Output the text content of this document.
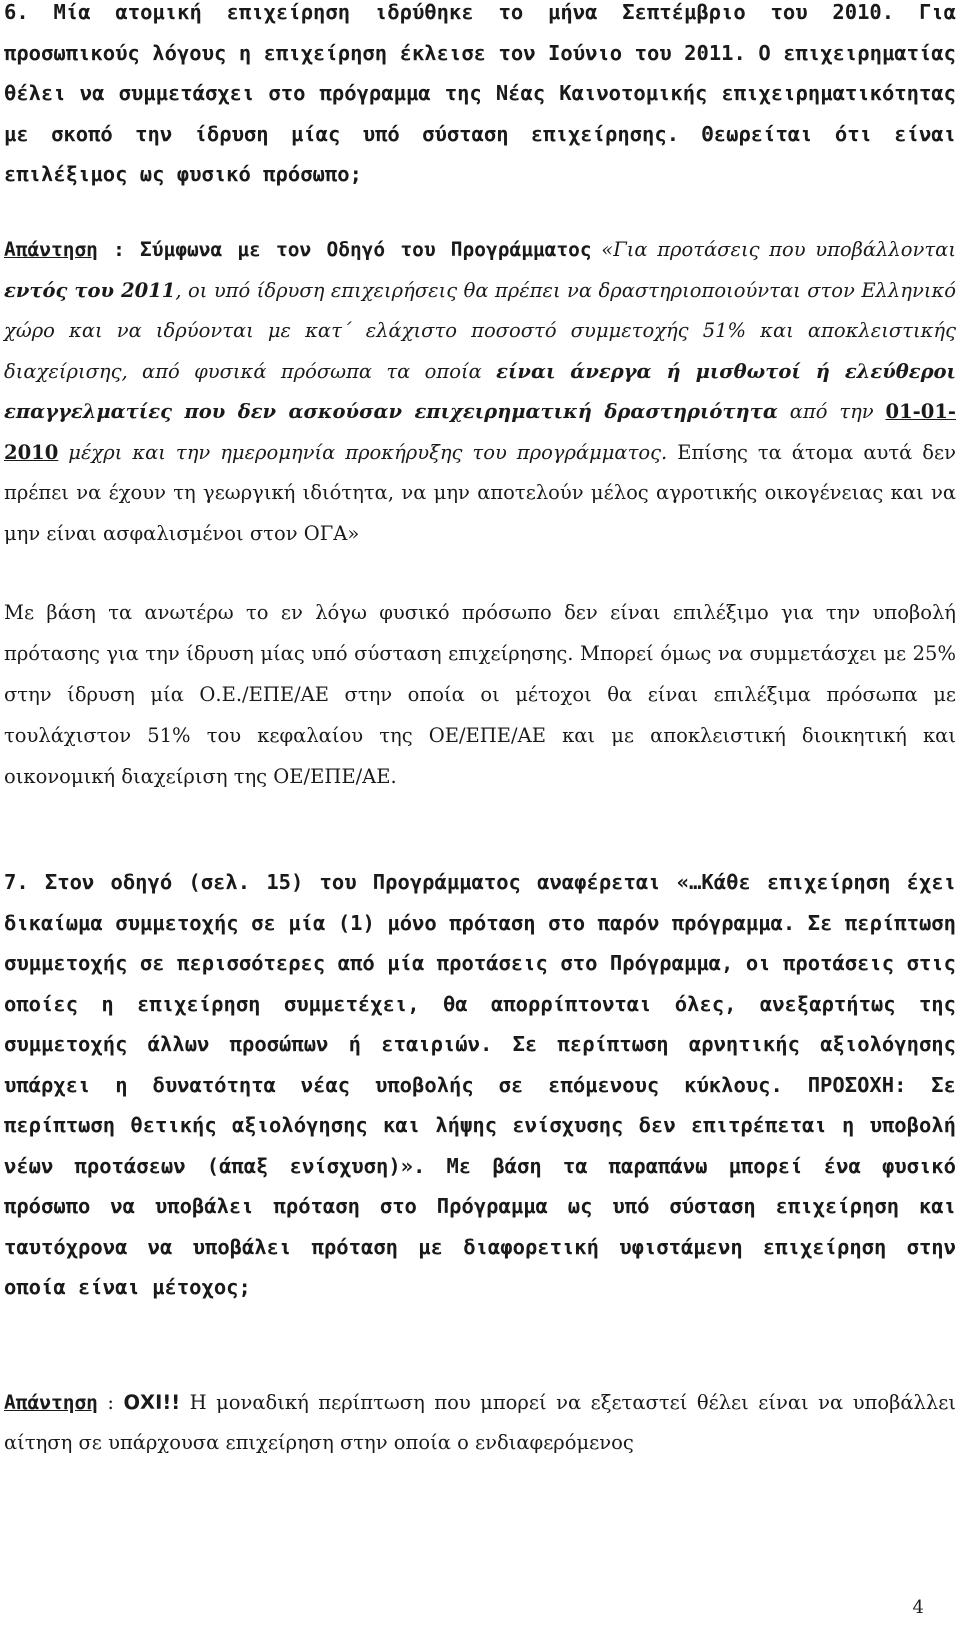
6. Μία ατομική επιχείρηση ιδρύθηκε το μήνα Σεπτέμβριο του 2010. Για προσωπικούς λόγους η επιχείρηση έκλεισε τον Ιούνιο του 2011. Ο επιχειρηματίας θέλει να συμμετάσχει στο πρόγραμμα της Νέας Καινοτομικής επιχειρηματικότητας με σκοπό την ίδρυση μίας υπό σύσταση επιχείρησης. Θεωρείται ότι είναι επιλέξιμος ως φυσικό πρόσωπο;

Απάντηση : Σύμφωνα με τον Οδηγό του Προγράμματος «Για προτάσεις που υποβάλλονται εντός του 2011, οι υπό ίδρυση επιχειρήσεις θα πρέπει να δραστηριοποιούνται στον Ελληνικό χώρο και να ιδρύονται με κατ΄ ελάχιστο ποσοστό συμμετοχής 51% και αποκλειστικής διαχείρισης, από φυσικά πρόσωπα τα οποία είναι άνεργα ή μισθωτοί ή ελεύθεροι επαγγελματίες που δεν ασκούσαν επιχειρηματική δραστηριότητα από την 01-01-2010 μέχρι και την ημερομηνία προκήρυξης του προγράμματος. Επίσης τα άτομα αυτά δεν πρέπει να έχουν τη γεωργική ιδιότητα, να μην αποτελούν μέλος αγροτικής οικογένειας και να μην είναι ασφαλισμένοι στον ΟΓΑ»

Με βάση τα ανωτέρω το εν λόγω φυσικό πρόσωπο δεν είναι επιλέξιμο για την υποβολή πρότασης για την ίδρυση μίας υπό σύσταση επιχείρησης. Μπορεί όμως να συμμετάσχει με 25% στην ίδρυση μία Ο.Ε./ΕΠΕ/ΑΕ στην οποία οι μέτοχοι θα είναι επιλέξιμα πρόσωπα με τουλάχιστον 51% του κεφαλαίου της ΟΕ/ΕΠΕ/ΑΕ και με αποκλειστική διοικητική και οικονομική διαχείριση της ΟΕ/ΕΠΕ/ΑΕ.

7. Στον οδηγό (σελ. 15) του Προγράμματος αναφέρεται «…Κάθε επιχείρηση έχει δικαίωμα συμμετοχής σε μία (1) μόνο πρόταση στο παρόν πρόγραμμα. Σε περίπτωση συμμετοχής σε περισσότερες από μία προτάσεις στο Πρόγραμμα, οι προτάσεις στις οποίες η επιχείρηση συμμετέχει, θα απορρίπτονται όλες, ανεξαρτήτως της συμμετοχής άλλων προσώπων ή εταιριών. Σε περίπτωση αρνητικής αξιολόγησης υπάρχει η δυνατότητα νέας υποβολής σε επόμενους κύκλους. ΠΡΟΣΟΧΗ: Σε περίπτωση θετικής αξιολόγησης και λήψης ενίσχυσης δεν επιτρέπεται η υποβολή νέων προτάσεων (άπαξ ενίσχυση)». Με βάση τα παραπάνω μπορεί ένα φυσικό πρόσωπο να υποβάλει πρόταση στο Πρόγραμμα ως υπό σύσταση επιχείρηση και ταυτόχρονα να υποβάλει πρόταση με διαφορετική υφιστάμενη επιχείρηση στην οποία είναι μέτοχος;

Απάντηση : ΟΧΙ!! Η μοναδική περίπτωση που μπορεί να εξεταστεί θέλει είναι να υποβάλλει αίτηση σε υπάρχουσα επιχείρηση στην οποία ο ενδιαφερόμενος

4
